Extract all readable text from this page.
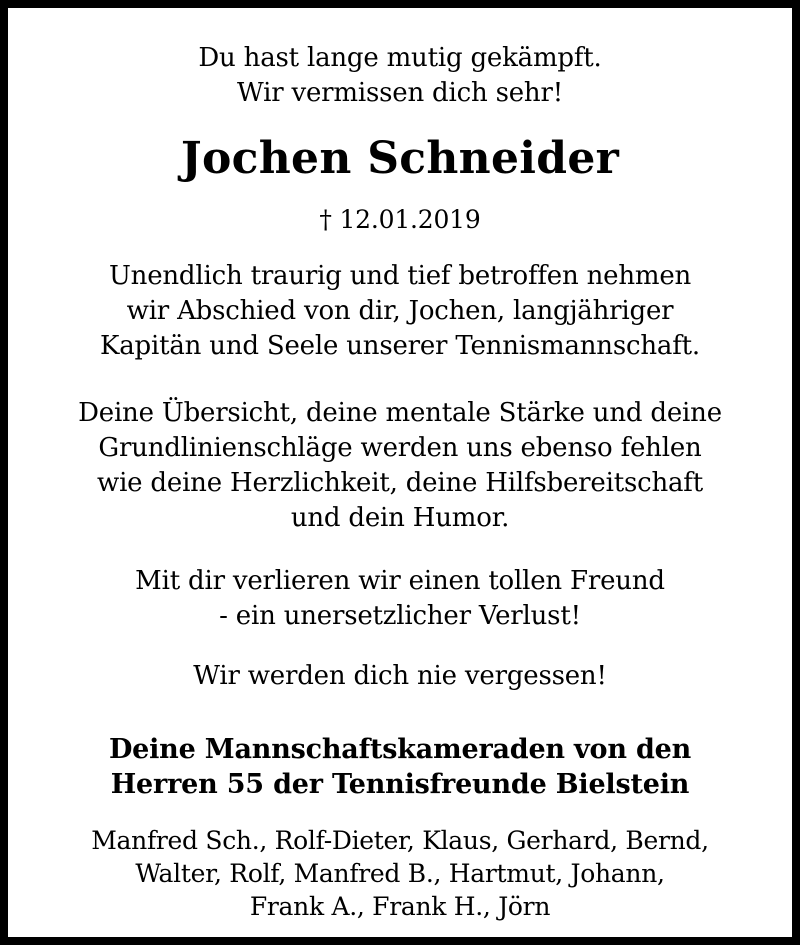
Du hast lange mutig gekämpft.
Wir vermissen dich sehr!
Jochen Schneider
† 12.01.2019
Unendlich traurig und tief betroffen nehmen
wir Abschied von dir, Jochen, langjähriger
Kapitän und Seele unserer Tennismannschaft.
Deine Übersicht, deine mentale Stärke und deine
Grundlinienschläge werden uns ebenso fehlen
wie deine Herzlichkeit, deine Hilfsbereitschaft
und dein Humor.
Mit dir verlieren wir einen tollen Freund
- ein unersetzlicher Verlust!
Wir werden dich nie vergessen!
Deine Mannschaftskameraden von den
Herren 55 der Tennisfreunde Bielstein
Manfred Sch., Rolf-Dieter, Klaus, Gerhard, Bernd,
Walter, Rolf, Manfred B., Hartmut, Johann,
Frank A., Frank H., Jörn
